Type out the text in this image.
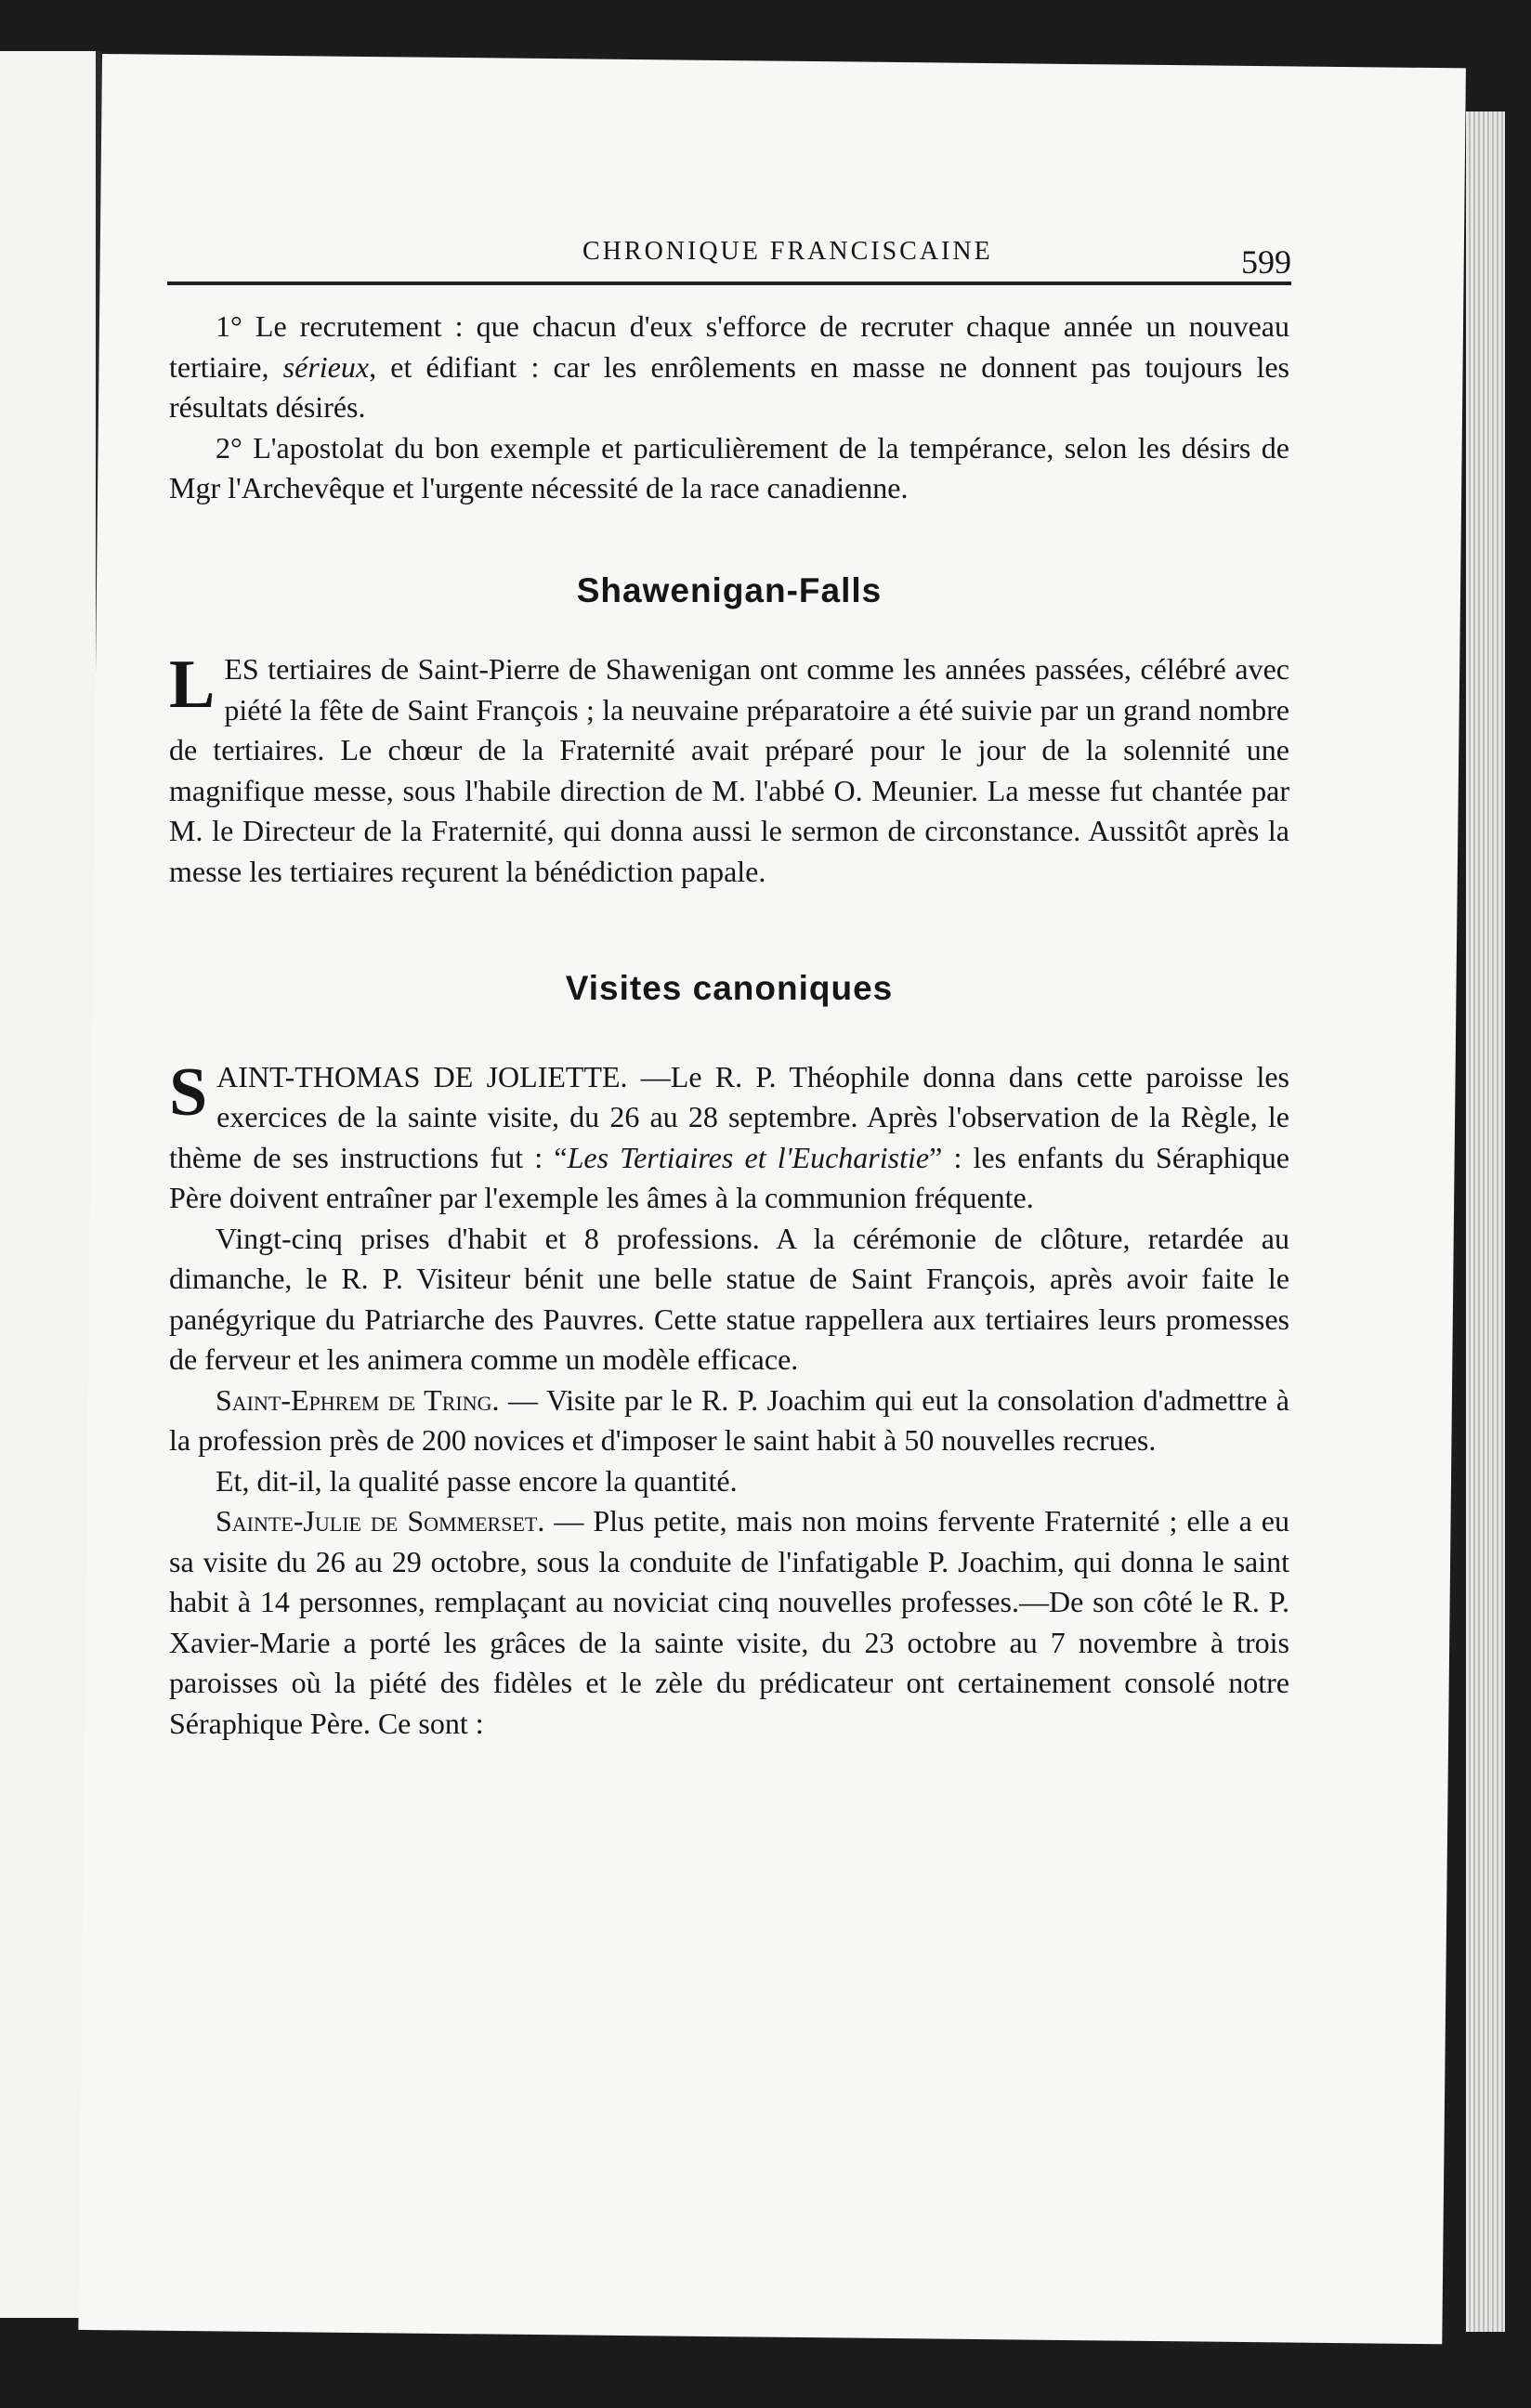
CHRONIQUE FRANCISCAINE	599

1° Le recrutement : que chacun d'eux s'efforce de recruter chaque année un nouveau tertiaire, sérieux, et édifiant : car les enrôlements en masse ne donnent pas toujours les résultats désirés.

2° L'apostolat du bon exemple et particulièrement de la tempérance, selon les désirs de Mgr l'Archevêque et l'urgente nécessité de la race canadienne.

Shawenigan-Falls

LES tertiaires de Saint-Pierre de Shawenigan ont comme les années passées, célébré avec piété la fête de Saint François ; la neuvaine préparatoire a été suivie par un grand nombre de tertiaires. Le chœur de la Fraternité avait préparé pour le jour de la solennité une magnifique messe, sous l'habile direction de M. l'abbé O. Meunier. La messe fut chantée par M. le Directeur de la Fraternité, qui donna aussi le sermon de circonstance. Aussitôt après la messe les tertiaires reçurent la bénédiction papale.

Visites canoniques

SAINT-THOMAS DE JOLIETTE. —Le R. P. Théophile donna dans cette paroisse les exercices de la sainte visite, du 26 au 28 septembre. Après l'observation de la Règle, le thème de ses instructions fut : “Les Tertiaires et l'Eucharistie” : les enfants du Séraphique Père doivent entraîner par l'exemple les âmes à la communion fréquente.

Vingt-cinq prises d'habit et 8 professions. A la cérémonie de clôture, retardée au dimanche, le R. P. Visiteur bénit une belle statue de Saint François, après avoir faite le panégyrique du Patriarche des Pauvres. Cette statue rappellera aux tertiaires leurs promesses de ferveur et les animera comme un modèle efficace.

Saint-Ephrem de Tring. — Visite par le R. P. Joachim qui eut la consolation d'admettre à la profession près de 200 novices et d'imposer le saint habit à 50 nouvelles recrues.

Et, dit-il, la qualité passe encore la quantité.

Sainte-Julie de Sommerset. — Plus petite, mais non moins fervente Fraternité ; elle a eu sa visite du 26 au 29 octobre, sous la conduite de l'infatigable P. Joachim, qui donna le saint habit à 14 personnes, remplaçant au noviciat cinq nouvelles professes.—De son côté le R. P. Xavier-Marie a porté les grâces de la sainte visite, du 23 octobre au 7 novembre à trois paroisses où la piété des fidèles et le zèle du prédicateur ont certainement consolé notre Séraphique Père. Ce sont :
